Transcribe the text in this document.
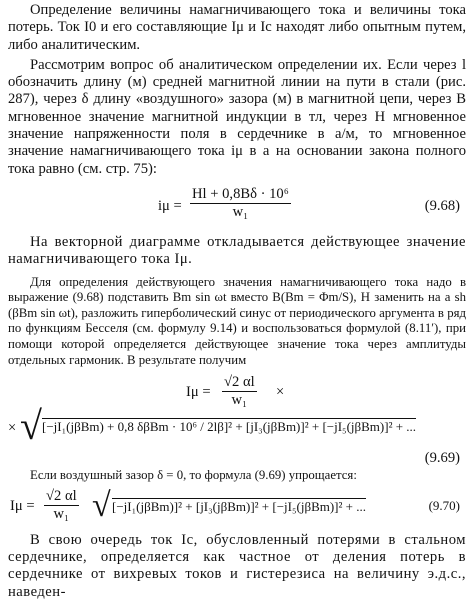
Определение величины намагничивающего тока и величины тока потерь. Ток I0 и его составляющие Iμ и Ic находят либо опытным путем, либо аналитическим.

Рассмотрим вопрос об аналитическом определении их. Если через l обозначить длину (м) средней магнитной линии на пути в стали (рис. 287), через δ длину «воздушного» зазора (м) в магнитной цепи, через B мгновенное значение магнитной индукции в тл, через H мгновенное значение напряженности поля в сердечнике в а/м, то мгновенное значение намагничивающего тока iμ в а на основании закона полного тока равно (см. стр. 75):

$i\mu = \frac{\text{Hl + 0,8Bδ · 10⁶}}{\text{w₁}}$	(9.68)

На векторной диаграмме откладывается действующее значение намагничивающего тока Iμ.

Для определения действующего значения намагничивающего тока надо в выражение (9.68) подставить Bm sin ωt вместо B(Bm = Φm/S), H заменить на a sh (βBm sin ωt), разложить гиперболический синус от периодического аргумента в ряд по функциям Бесселя (см. формулу 9.14) и воспользоваться формулой (8.11′), при помощи которой определяется действующее значение тока через амплитуды отдельных гармоник. В результате получим

$I\mu = \frac{√2 \alpha l}{\text{w₁}}$ ×
× √ [−jI₁(jβBm) + 0,8 δβBm · 10⁶ / 2lβ]² + [jI₃(jβBm)]² + [−jI₅(jβBm)]² + ...
(9.69)

Если воздушный зазор δ = 0, то формула (9.69) упрощается:

$I\mu = \frac{√2 \alpha l}{\text{w₁}}$ √ [−jI₁(jβBm)]² + [jI₃(jβBm)]² + [−jI₅(jβBm)]² + ...	(9.70)

В свою очередь ток Ic, обусловленный потерями в стальном сердечнике, определяется как частное от деления потерь в сердечнике от вихревых токов и гистерезиса на величину э.д.с., наведен-
